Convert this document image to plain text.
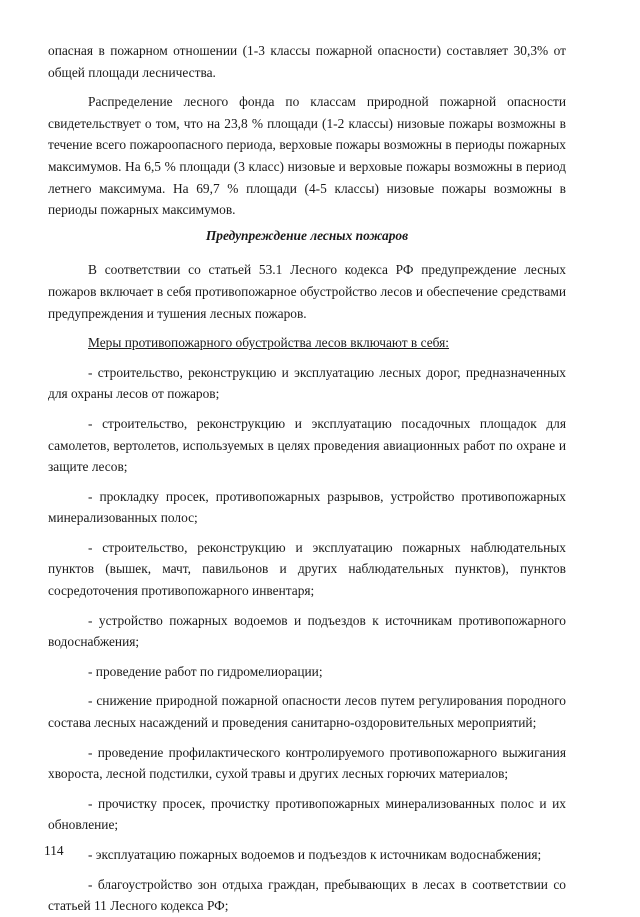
опасная в пожарном отношении (1-3 классы пожарной опасности) составляет 30,3% от общей площади лесничества.

Распределение лесного фонда по классам природной пожарной опасности свидетельствует о том, что на 23,8 % площади (1-2 классы) низовые пожары возможны в течение всего пожароопасного периода, верховые пожары возможны в периоды пожарных максимумов. На 6,5 % площади (3 класс) низовые и верховые пожары возможны в период летнего максимума. На 69,7 % площади (4-5 классы) низовые пожары возможны в периоды пожарных максимумов.

Предупреждение лесных пожаров

В соответствии со статьей 53.1 Лесного кодекса РФ предупреждение лесных пожаров включает в себя противопожарное обустройство лесов и обеспечение средствами предупреждения и тушения лесных пожаров.

Меры противопожарного обустройства лесов включают в себя:

- строительство, реконструкцию и эксплуатацию лесных дорог, предназначенных для охраны лесов от пожаров;

- строительство, реконструкцию и эксплуатацию посадочных площадок для самолетов, вертолетов, используемых в целях проведения авиационных работ по охране и защите лесов;

- прокладку просек, противопожарных разрывов, устройство противопожарных минерализованных полос;

- строительство, реконструкцию и эксплуатацию пожарных наблюдательных пунктов (вышек, мачт, павильонов и других наблюдательных пунктов), пунктов сосредоточения противопожарного инвентаря;

- устройство пожарных водоемов и подъездов к источникам противопожарного водоснабжения;

- проведение работ по гидромелиорации;

- снижение природной пожарной опасности лесов путем регулирования породного состава лесных насаждений и проведения санитарно-оздоровительных мероприятий;

- проведение профилактического контролируемого противопожарного выжигания хвороста, лесной подстилки, сухой травы и других лесных горючих материалов;

- прочистку просек, прочистку противопожарных минерализованных полос и их обновление;

- эксплуатацию пожарных водоемов и подъездов к источникам водоснабжения;

- благоустройство зон отдыха граждан, пребывающих в лесах в соответствии со статьей 11 Лесного кодекса РФ;

114
